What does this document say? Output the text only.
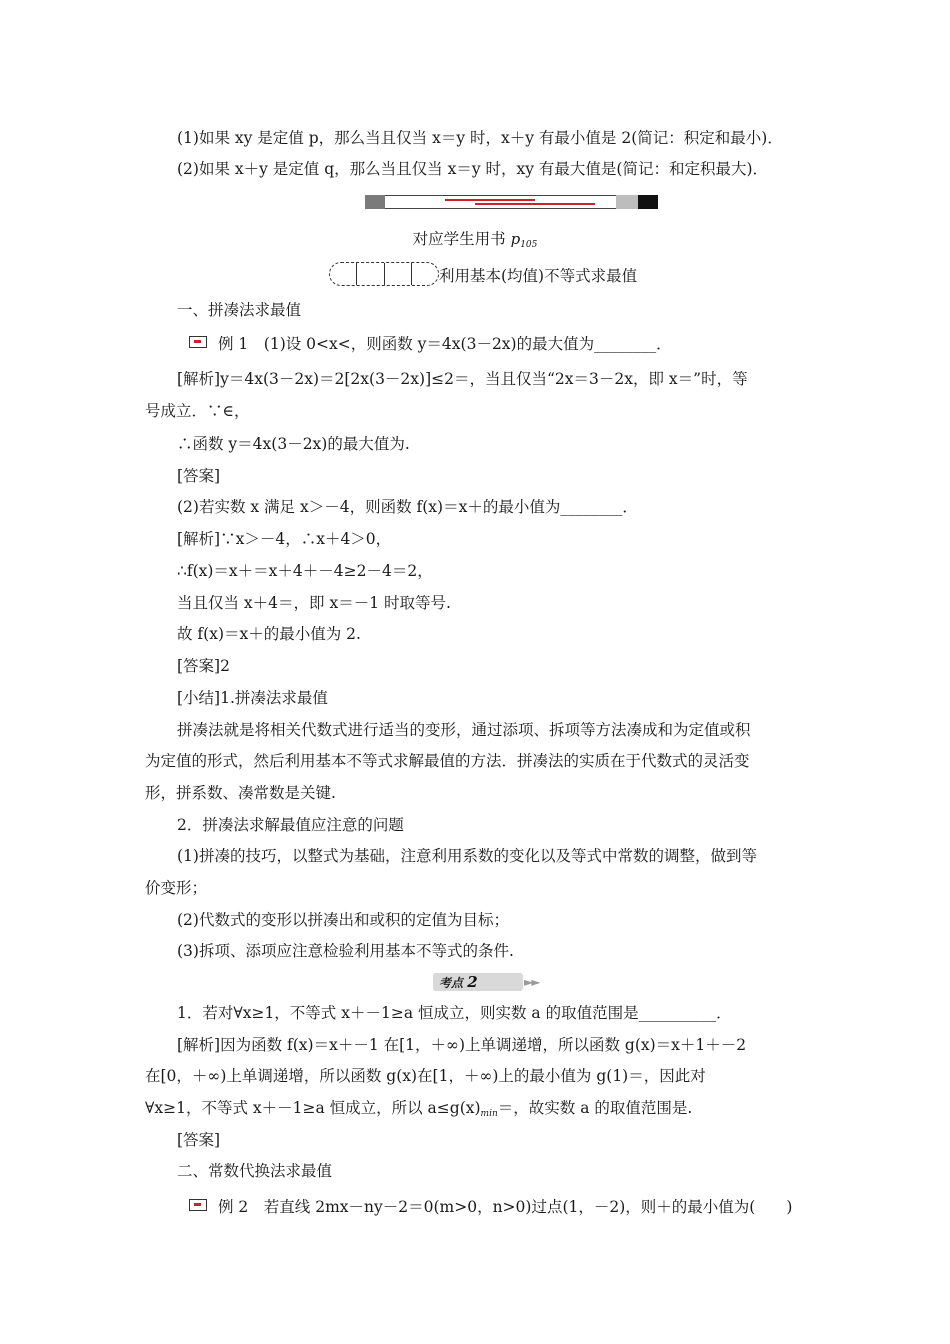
(1)如果 xy 是定值 p，那么当且仅当 x＝y 时，x＋y 有最小值是 2(简记：积定和最小)．
(2)如果 x＋y 是定值 q，那么当且仅当 x＝y 时，xy 有最大值是(简记：和定积最大)．
对应学生用书 $p_{105}$
利用基本(均值)不等式求最值
一、拼凑法求最值
例 1　(1)设 0<x<，则函数 y＝4x(3－2x)的最大值为________．
[解析]y＝4x(3－2x)＝2[2x(3－2x)]≤2＝，当且仅当“2x＝3－2x，即 x＝”时，等
号成立．∵∈，
∴函数 y＝4x(3－2x)的最大值为.
[答案]
(2)若实数 x 满足 x＞－4，则函数 f(x)＝x＋的最小值为________．
[解析]∵x＞－4，∴x＋4＞0，
∴f(x)＝x＋＝x＋4＋－4≥2－4＝2，
当且仅当 x＋4＝，即 x＝－1 时取等号.
故 f(x)＝x＋的最小值为 2.
[答案]2
[小结]1.拼凑法求最值
拼凑法就是将相关代数式进行适当的变形，通过添项、拆项等方法凑成和为定值或积
为定值的形式，然后利用基本不等式求解最值的方法．拼凑法的实质在于代数式的灵活变
形，拼系数、凑常数是关键.
2．拼凑法求解最值应注意的问题
(1)拼凑的技巧，以整式为基础，注意利用系数的变化以及等式中常数的调整，做到等
价变形；
(2)代数式的变形以拼凑出和或积的定值为目标；
(3)拆项、添项应注意检验利用基本不等式的条件.
考点 2	►►
1．若对∀x≥1，不等式 x＋－1≥a 恒成立，则实数 a 的取值范围是__________．
[解析]因为函数 f(x)＝x＋－1 在[1，＋∞)上单调递增，所以函数 g(x)＝x＋1＋－2
在[0，＋∞)上单调递增，所以函数 g(x)在[1，＋∞)上的最小值为 g(1)＝，因此对
∀x≥1，不等式 x＋－1≥a 恒成立，所以 $a\le g(x)_{min}=$，故实数 a 的取值范围是.
[答案]
二、常数代换法求最值
例 2　若直线 2mx－ny－2＝0(m>0，n>0)过点(1，－2)，则＋的最小值为(　　)
